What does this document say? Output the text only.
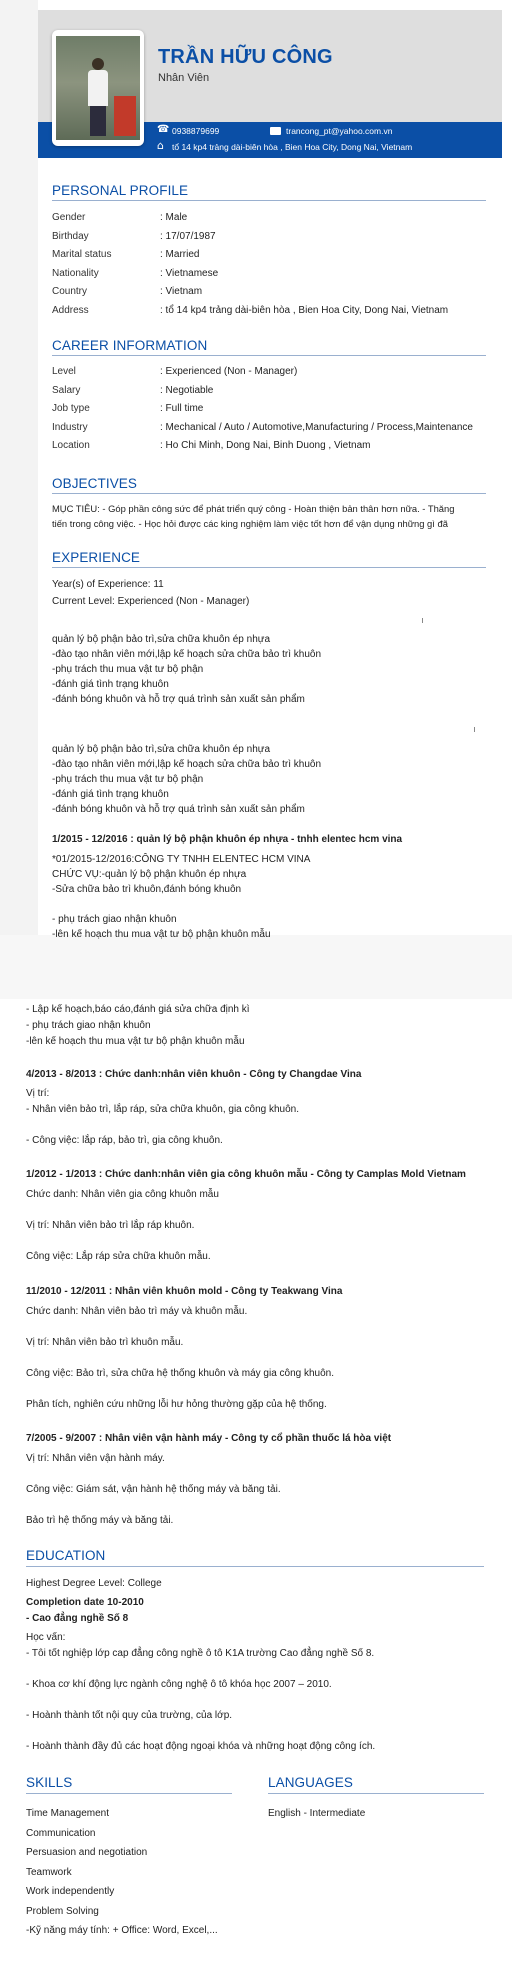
TRẦN HỮU CÔNG
Nhân Viên
☎
0938879699	trancong_pt@yahoo.com.vn
⌂
tổ 14 kp4 trảng dài-biên hòa , Bien Hoa City, Dong Nai, Vietnam
PERSONAL PROFILE
Gender	: Male
Birthday	: 17/07/1987
Marital status	: Married
Nationality	: Vietnamese
Country	: Vietnam
Address	: tổ 14 kp4 trảng dài-biên hòa , Bien Hoa City, Dong Nai, Vietnam
CAREER INFORMATION
Level	: Experienced (Non - Manager)
Salary	: Negotiable
Job type	: Full time
Industry	: Mechanical / Auto / Automotive,Manufacturing / Process,Maintenance
Location	: Ho Chi Minh, Dong Nai, Binh Duong , Vietnam
OBJECTIVES
MỤC TIÊU: - Góp phần công sức để phát triển quý công - Hoàn thiện bản thân hơn nữa. - Thăng
tiến trong công việc. - Học hỏi được các king nghiệm làm việc tốt hơn để vận dụng những gì đã
EXPERIENCE
Year(s) of Experience: 11
Current Level: Experienced (Non - Manager)
quản lý bộ phận bảo trì,sửa chữa khuôn ép nhựa
-đào tạo nhân viên mới,lập kế hoạch sửa chữa bảo trì khuôn
-phụ trách thu mua vật tư bộ phận
-đánh giá tình trạng khuôn
-đánh bóng khuôn và hỗ trợ quá trình sản xuất sản phẩm
quản lý bộ phận bảo trì,sửa chữa khuôn ép nhựa
-đào tạo nhân viên mới,lập kế hoạch sửa chữa bảo trì khuôn
-phụ trách thu mua vật tư bộ phận
-đánh giá tình trạng khuôn
-đánh bóng khuôn và hỗ trợ quá trình sản xuất sản phẩm
1/2015 - 12/2016 : quản lý bộ phận khuôn ép nhựa - tnhh elentec hcm vina
*01/2015-12/2016:CÔNG TY TNHH ELENTEC HCM VINA
CHỨC VỤ:-quản lý bộ phận khuôn ép nhựa
-Sửa chữa bảo trì khuôn,đánh bóng khuôn
- phụ trách giao nhận khuôn
-lên kế hoạch thu mua vật tư bộ phận khuôn mẫu
- Lập kế hoạch,báo cáo,đánh giá sửa chữa định kì
- phụ trách giao nhận khuôn
-lên kế hoạch thu mua vật tư bộ phận khuôn mẫu
4/2013 - 8/2013 : Chức danh:nhân viên khuôn - Công ty Changdae Vina
Vị trí:
- Nhân viên bảo trì, lắp ráp, sửa chữa khuôn, gia công khuôn.
- Công việc: lắp ráp, bảo trì, gia công khuôn.
1/2012 - 1/2013 : Chức danh:nhân viên gia công khuôn mẫu - Công ty Camplas Mold Vietnam
Chức danh: Nhân viên gia công khuôn mẫu
Vị trí: Nhân viên bảo trì lắp ráp khuôn.
Công việc: Lắp ráp sửa chữa khuôn mẫu.
11/2010 - 12/2011 : Nhân viên khuôn mold - Công ty Teakwang Vina
Chức danh: Nhân viên bảo trì máy và khuôn mẫu.
Vị trí: Nhân viên bảo trì khuôn mẫu.
Công việc: Bảo trì, sửa chữa hệ thống khuôn và máy gia công khuôn.
Phân tích, nghiên cứu những lỗi hư hỏng thường gặp của hệ thống.
7/2005 - 9/2007 : Nhân viên vận hành máy - Công ty cổ phần thuốc lá hòa việt
Vị trí: Nhân viên vận hành máy.
Công việc: Giám sát, vận hành hệ thống máy và băng tải.
Bảo trì hệ thống máy và băng tải.
EDUCATION
Highest Degree Level: College
Completion date 10-2010
- Cao đẳng nghề Số 8
Học vấn:
- Tôi tốt nghiệp lớp cap đẳng công nghề ô tô K1A trường Cao đẳng nghề Số 8.
- Khoa cơ khí động lực ngành công nghệ ô tô khóa học 2007 – 2010.
- Hoành thành tốt nội quy của trường, của lớp.
- Hoành thành đầy đủ các hoạt động ngoại khóa và những hoạt động công ích.
SKILLS
Time Management
Communication
Persuasion and negotiation
Teamwork
Work independently
Problem Solving
-Kỹ năng máy tính: + Office: Word, Excel,...
LANGUAGES
English - Intermediate
